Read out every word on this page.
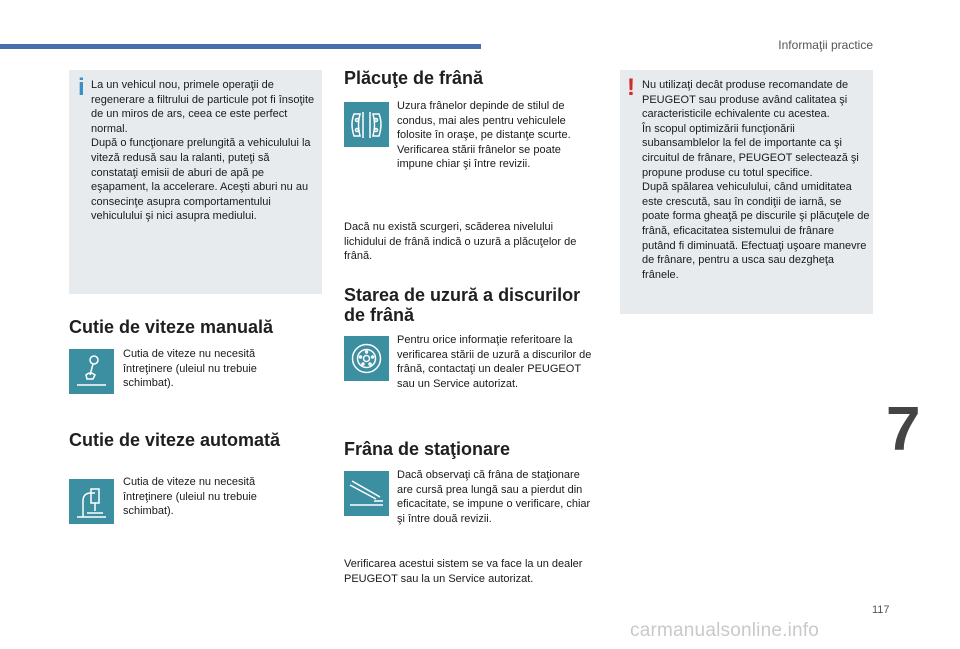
Informaţii practice
i La un vehicul nou, primele operaţii de regenerare a filtrului de particule pot fi însoţite de un miros de ars, ceea ce este perfect normal.
După o funcţionare prelungită a vehiculului la viteză redusă sau la ralanti, puteţi să constataţi emisii de aburi de apă pe eşapament, la accelerare. Aceşti aburi nu au consecinţe asupra comportamentului vehiculului şi nici asupra mediului.
Cutie de viteze manuală
Cutia de viteze nu necesită întreţinere (uleiul nu trebuie schimbat).
Cutie de viteze automată
Cutia de viteze nu necesită întreţinere (uleiul nu trebuie schimbat).
Plăcuţe de frână
Uzura frânelor depinde de stilul de condus, mai ales pentru vehiculele folosite în oraşe, pe distanţe scurte. Verificarea stării frânelor se poate impune chiar şi între revizii.
Dacă nu există scurgeri, scăderea nivelului lichidului de frână indică o uzură a plăcuţelor de frână.
Starea de uzură a discurilor de frână
Pentru orice informaţie referitoare la verificarea stării de uzură a discurilor de frână, contactaţi un dealer PEUGEOT sau un Service autorizat.
Frâna de staţionare
Dacă observaţi că frâna de staţionare are cursă prea lungă sau a pierdut din eficacitate, se impune o verificare, chiar şi între două revizii.
Verificarea acestui sistem se va face la un dealer PEUGEOT sau la un Service autorizat.
! Nu utilizaţi decât produse recomandate de PEUGEOT sau produse având calitatea şi caracteristicile echivalente cu acestea.
În scopul optimizării funcţionării subansamblelor la fel de importante ca şi circuitul de frânare, PEUGEOT selectează şi propune produse cu totul specifice.
După spălarea vehiculului, când umiditatea este crescută, sau în condiţii de iarnă, se poate forma gheaţă pe discurile şi plăcuţele de frână, eficacitatea sistemului de frânare putând fi diminuată. Efectuaţi uşoare manevre de frânare, pentru a usca sau dezgheţa frânele.
7
117
carmanualsonline.info
